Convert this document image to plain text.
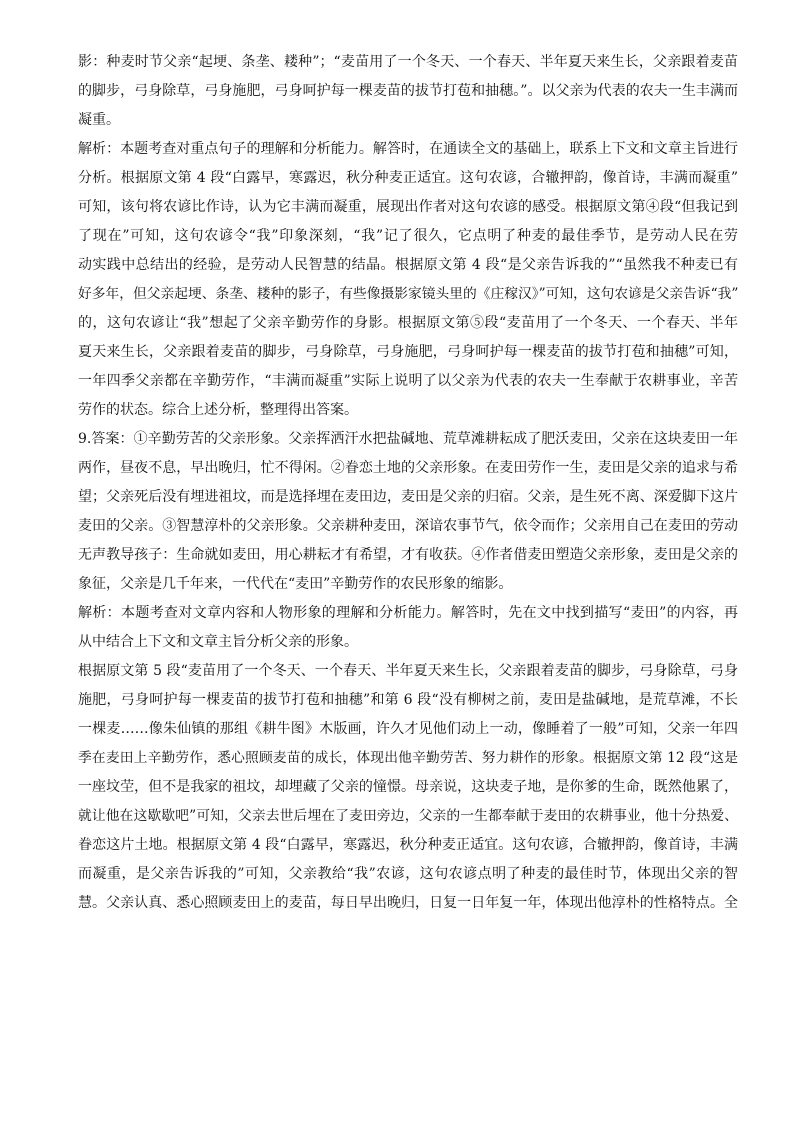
影：种麦时节父亲“起埂、条垄、耧种”；“麦苗用了一个冬天、一个春天、半年夏天来生长，父亲跟着麦苗
的脚步，弓身除草，弓身施肥，弓身呵护每一棵麦苗的拔节打苞和抽穗。”。以父亲为代表的农夫一生丰满而
凝重。
解析：本题考查对重点句子的理解和分析能力。解答时，在通读全文的基础上，联系上下文和文章主旨进行
分析。根据原文第 4 段“白露早，寒露迟，秋分种麦正适宜。这句农谚，合辙押韵，像首诗，丰满而凝重”
可知，该句将农谚比作诗，认为它丰满而凝重，展现出作者对这句农谚的感受。根据原文第④段“但我记到
了现在”可知，这句农谚令“我”印象深刻，“我”记了很久，它点明了种麦的最佳季节，是劳动人民在劳
动实践中总结出的经验，是劳动人民智慧的结晶。根据原文第 4 段“是父亲告诉我的”“虽然我不种麦已有
好多年，但父亲起埂、条垄、耧种的影子，有些像摄影家镜头里的《庄稼汉》”可知，这句农谚是父亲告诉“我”
的，这句农谚让“我”想起了父亲辛勤劳作的身影。根据原文第⑤段“麦苗用了一个冬天、一个春天、半年
夏天来生长，父亲跟着麦苗的脚步，弓身除草，弓身施肥，弓身呵护每一棵麦苗的拔节打苞和抽穗”可知，
一年四季父亲都在辛勤劳作，“丰满而凝重”实际上说明了以父亲为代表的农夫一生奉献于农耕事业，辛苦
劳作的状态。综合上述分析，整理得出答案。
9.答案：①辛勤劳苦的父亲形象。父亲挥洒汗水把盐碱地、荒草滩耕耘成了肥沃麦田，父亲在这块麦田一年
两作，昼夜不息，早出晚归，忙不得闲。②眷恋土地的父亲形象。在麦田劳作一生，麦田是父亲的追求与希
望；父亲死后没有埋进祖坟，而是选择埋在麦田边，麦田是父亲的归宿。父亲，是生死不离、深爱脚下这片
麦田的父亲。③智慧淳朴的父亲形象。父亲耕种麦田，深谙农事节气，依令而作；父亲用自己在麦田的劳动
无声教导孩子：生命就如麦田，用心耕耘才有希望，才有收获。④作者借麦田塑造父亲形象，麦田是父亲的
象征，父亲是几千年来，一代代在“麦田”辛勤劳作的农民形象的缩影。
解析：本题考查对文章内容和人物形象的理解和分析能力。解答时，先在文中找到描写“麦田”的内容，再
从中结合上下文和文章主旨分析父亲的形象。
根据原文第 5 段“麦苗用了一个冬天、一个春天、半年夏天来生长，父亲跟着麦苗的脚步，弓身除草，弓身
施肥，弓身呵护每一棵麦苗的拔节打苞和抽穗”和第 6 段“没有柳树之前，麦田是盐碱地，是荒草滩，不长
一棵麦……像朱仙镇的那组《耕牛图》木版画，许久才见他们动上一动，像睡着了一般”可知，父亲一年四
季在麦田上辛勤劳作，悉心照顾麦苗的成长，体现出他辛勤劳苦、努力耕作的形象。根据原文第 12 段“这是
一座坟茔，但不是我家的祖坟，却埋藏了父亲的憧憬。母亲说，这块麦子地，是你爹的生命，既然他累了，
就让他在这歇歇吧”可知，父亲去世后埋在了麦田旁边，父亲的一生都奉献于麦田的农耕事业，他十分热爱、
眷恋这片土地。根据原文第 4 段“白露早，寒露迟，秋分种麦正适宜。这句农谚，合辙押韵，像首诗，丰满
而凝重，是父亲告诉我的”可知，父亲教给“我”农谚，这句农谚点明了种麦的最佳时节，体现出父亲的智
慧。父亲认真、悉心照顾麦田上的麦苗，每日早出晚归，日复一日年复一年，体现出他淳朴的性格特点。全
